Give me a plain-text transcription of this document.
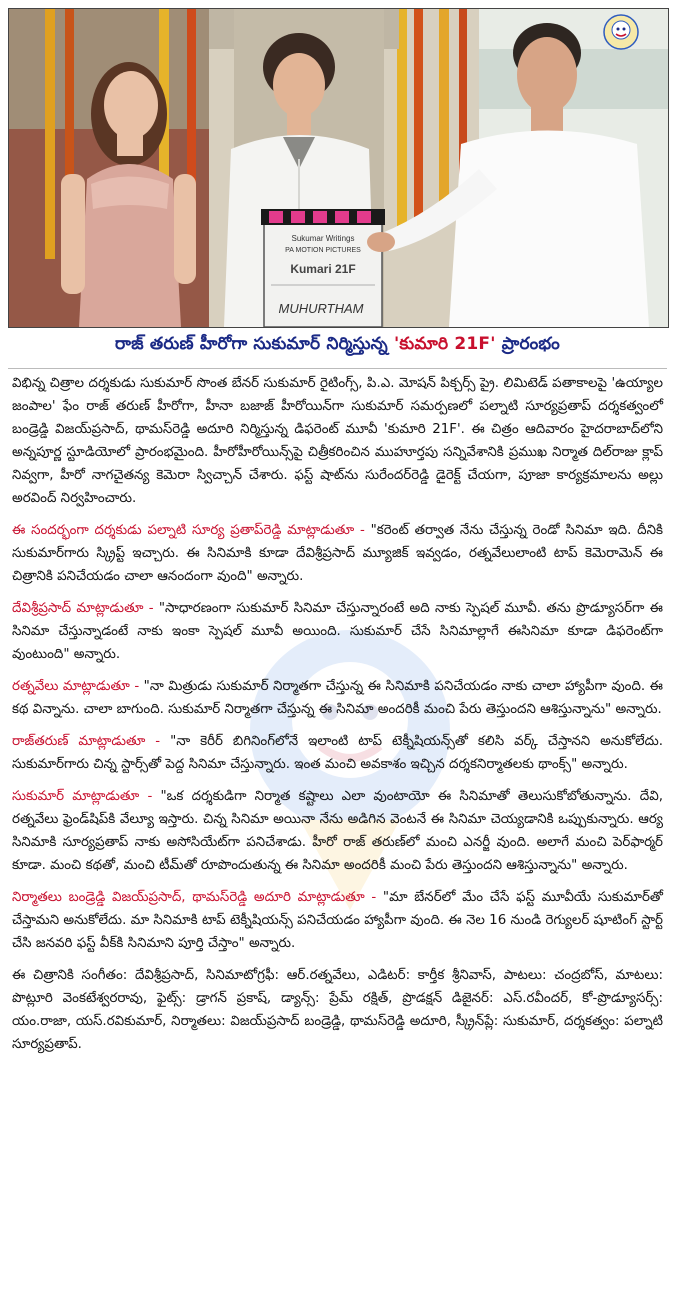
Sukumar Writings
PA MOTION PICTURES
Kumari 21F
MUHURTHAM
రాజ్ తరుణ్ హీరోగా సుకుమార్ నిర్మిస్తున్న 'కుమారి 21F' ప్రారంభం

విభిన్న చిత్రాల దర్శకుడు సుకుమార్ సొంత బేనర్ సుకుమార్ రైటింగ్స్, పి.ఎ. మోషన్ పిక్చర్స్ ప్రై. లిమిటెడ్ పతాకాలపై 'ఉయ్యాల జంపాల' ఫేం రాజ్ తరుణ్ హీరోగా, హీనా బజాజ్ హీరోయిన్‌గా సుకుమార్ సమర్పణలో పల్నాటి సూర్యప్రతాప్ దర్శకత్వంలో బండ్రెడ్డి విజయ్‌ప్రసాద్, థామస్‌రెడ్డి అదూరి నిర్మిస్తున్న డిఫరెంట్ మూవీ 'కుమారి 21F'. ఈ చిత్రం ఆదివారం హైదరాబాద్‌లోని అన్నపూర్ణ స్టూడియోలో ప్రారంభమైంది. హీరోహీరోయిన్స్‌పై చిత్రీకరించిన ముహూర్తపు సన్నివేశానికి ప్రముఖ నిర్మాత దిల్‌రాజు క్లాప్ నివ్వగా, హీరో నాగచైతన్య కెమెరా స్విచ్చాన్ చేశారు. ఫస్ట్ షాట్‌ను సురేందర్‌రెడ్డి డైరెక్ట్ చేయగా, పూజా కార్యక్రమాలను అల్లు అరవింద్ నిర్వహించారు.

ఈ సందర్భంగా దర్శకుడు పల్నాటి సూర్య ప్రతాప్‌రెడ్డి మాట్లాడుతూ - "కరెంట్ తర్వాత నేను చేస్తున్న రెండో సినిమా ఇది. దీనికి సుకుమార్‌గారు స్క్రిప్ట్ ఇచ్చారు. ఈ సినిమాకి కూడా దేవిశ్రీప్రసాద్ మ్యూజిక్ ఇవ్వడం, రత్నవేలులాంటి టాప్ కెమెరామెన్ ఈ చిత్రానికి పనిచేయడం చాలా ఆనందంగా వుంది" అన్నారు.

దేవిశ్రీప్రసాద్ మాట్లాడుతూ - "సాధారణంగా సుకుమార్ సినిమా చేస్తున్నారంటే అది నాకు స్పెషల్ మూవీ. తను ప్రొడ్యూసర్‌గా ఈ సినిమా చేస్తున్నాడంటే నాకు ఇంకా స్పెషల్ మూవీ అయింది. సుకుమార్ చేసే సినిమాల్లాగే ఈసినిమా కూడా డిఫరెంట్‌గా వుంటుంది" అన్నారు.

రత్నవేలు మాట్లాడుతూ - "నా మిత్రుడు సుకుమార్ నిర్మాతగా చేస్తున్న ఈ సినిమాకి పనిచేయడం నాకు చాలా హ్యాపీగా వుంది. ఈ కథ విన్నాను. చాలా బాగుంది. సుకుమార్ నిర్మాతగా చేస్తున్న ఈ సినిమా అందరికీ మంచి పేరు తెస్తుందని ఆశిస్తున్నాను" అన్నారు.

రాజ్‌తరుణ్ మాట్లాడుతూ - "నా కెరీర్ బిగినింగ్‌లోనే ఇలాంటి టాప్ టెక్నీషియన్స్‌తో కలిసి వర్క్ చేస్తానని అనుకోలేదు. సుకుమార్‌గారు చిన్న స్టార్స్‌తో పెద్ద సినిమా చేస్తున్నారు. ఇంత మంచి అవకాశం ఇచ్చిన దర్శకనిర్మాతలకు థాంక్స్" అన్నారు.

సుకుమార్ మాట్లాడుతూ - "ఒక దర్శకుడిగా నిర్మాత కష్టాలు ఎలా వుంటాయో ఈ సినిమాతో తెలుసుకోబోతున్నాను. దేవి, రత్నవేలు ఫ్రెండ్‌షిప్‌కి వేల్యూ ఇస్తారు. చిన్న సినిమా అయినా నేను అడిగిన వెంటనే ఈ సినిమా చెయ్యడానికి ఒప్పుకున్నారు. ఆర్య సినిమాకి సూర్యప్రతాప్ నాకు అసోసియేట్‌గా పనిచేశాడు. హీరో రాజ్ తరుణ్‌లో మంచి ఎనర్జీ వుంది. అలాగే మంచి పెర్‌ఫార్మర్ కూడా. మంచి కథతో, మంచి టీమ్‌తో రూపొందుతున్న ఈ సినిమా అందరికీ మంచి పేరు తెస్తుందని ఆశిస్తున్నాను" అన్నారు.

నిర్మాతలు బండ్రెడ్డి విజయ్‌ప్రసాద్, థామస్‌రెడ్డి అదూరి మాట్లాడుతూ - "మా బేనర్‌లో మేం చేసే ఫస్ట్ మూవీయే సుకుమార్‌తో చేస్తామని అనుకోలేదు. మా సినిమాకి టాప్ టెక్నీషియన్స్ పనిచేయడం హ్యాపీగా వుంది. ఈ నెల 16 నుండి రెగ్యులర్ షూటింగ్ స్టార్ట్ చేసి జనవరి ఫస్ట్ వీక్‌కి సినిమాని పూర్తి చేస్తాం" అన్నారు.

ఈ చిత్రానికి సంగీతం: దేవిశ్రీప్రసాద్, సినిమాటోగ్రఫీ: ఆర్.రత్నవేలు, ఎడిటర్: కార్తీక శ్రీనివాస్, పాటలు: చంద్రబోస్, మాటలు: పొట్లూరి వెంకటేశ్వరరావు, ఫైట్స్: డ్రాగన్ ప్రకాష్, డ్యాన్స్: ప్రేమ్ రక్షిత్, ప్రొడక్షన్ డిజైనర్: ఎస్.రవీందర్, కో-ప్రొడ్యూసర్స్: యం.రాజా, యస్.రవికుమార్, నిర్మాతలు: విజయ్‌ప్రసాద్ బండ్రెడ్డి, థామస్‌రెడ్డి అదూరి, స్క్రీన్‌ప్లే: సుకుమార్, దర్శకత్వం: పల్నాటి సూర్యప్రతాప్.
